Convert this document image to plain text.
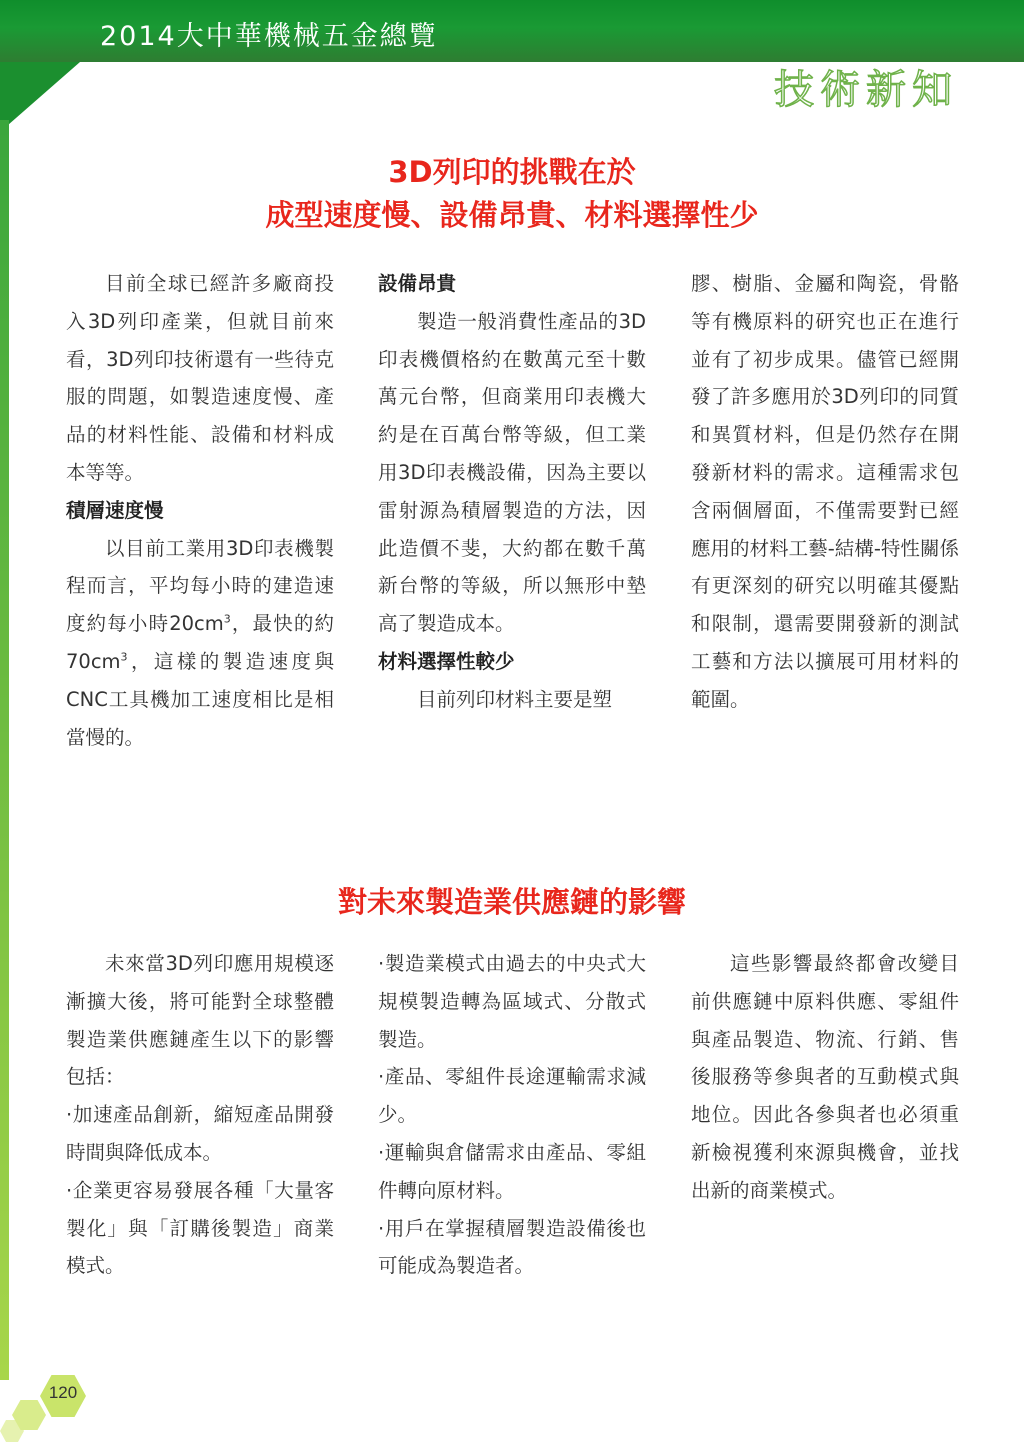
2014大中華機械五金總覽
技術新知
3D列印的挑戰在於
成型速度慢、設備昂貴、材料選擇性少

目前全球已經許多廠商投入3D列印產業，但就目前來看，3D列印技術還有一些待克服的問題，如製造速度慢、產品的材料性能、設備和材料成本等等。

積層速度慢

以目前工業用3D印表機製程而言，平均每小時的建造速度約每小時$20cm^3$，最快的約$70cm^3$，這樣的製造速度與CNC工具機加工速度相比是相當慢的。

設備昂貴

製造一般消費性產品的3D印表機價格約在數萬元至十數萬元台幣，但商業用印表機大約是在百萬台幣等級，但工業用3D印表機設備，因為主要以雷射源為積層製造的方法，因此造價不斐，大約都在數千萬新台幣的等級，所以無形中墊高了製造成本。

材料選擇性較少

目前列印材料主要是塑

膠、樹脂、金屬和陶瓷，骨骼等有機原料的研究也正在進行並有了初步成果。儘管已經開發了許多應用於3D列印的同質和異質材料，但是仍然存在開發新材料的需求。這種需求包含兩個層面，不僅需要對已經應用的材料工藝-結構-特性關係有更深刻的研究以明確其優點和限制，還需要開發新的測試工藝和方法以擴展可用材料的範圍。

對未來製造業供應鏈的影響

未來當3D列印應用規模逐漸擴大後，將可能對全球整體製造業供應鏈產生以下的影響包括：

·加速產品創新，縮短產品開發時間與降低成本。

·企業更容易發展各種「大量客製化」與「訂購後製造」商業模式。

·製造業模式由過去的中央式大規模製造轉為區域式、分散式製造。

·產品、零組件長途運輸需求減少。

·運輸與倉儲需求由產品、零組件轉向原材料。

·用戶在掌握積層製造設備後也可能成為製造者。

這些影響最終都會改變目前供應鏈中原料供應、零組件與產品製造、物流、行銷、售後服務等參與者的互動模式與地位。因此各參與者也必須重新檢視獲利來源與機會，並找出新的商業模式。

120
